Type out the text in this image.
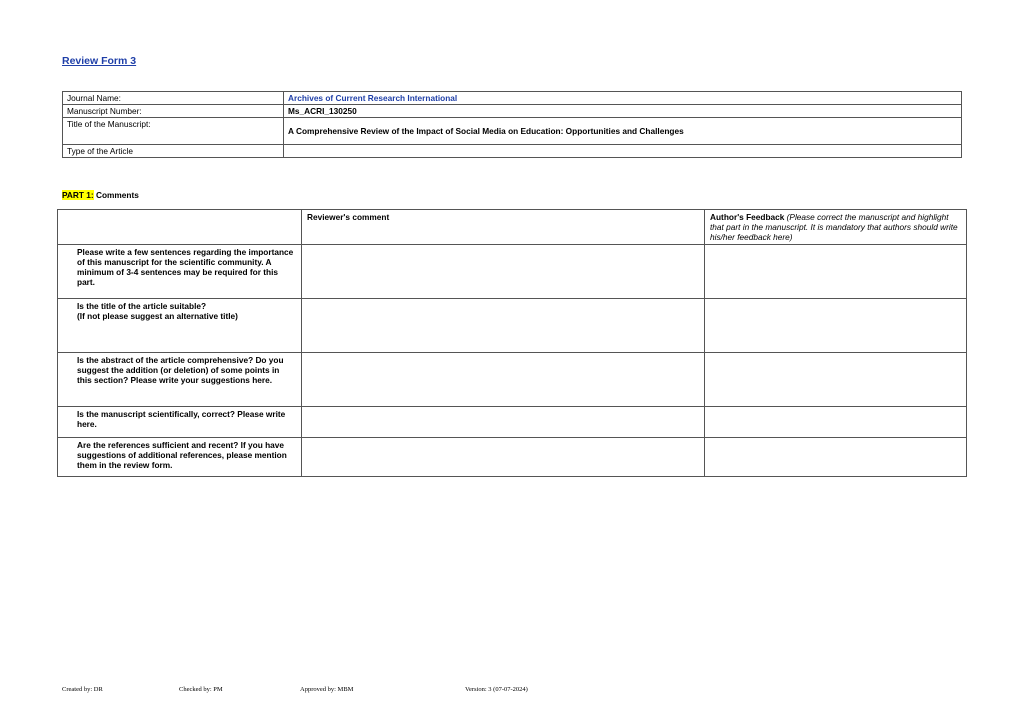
Review Form 3
Journal Name:	Archives of Current Research International
Manuscript Number:	Ms_ACRI_130250
Title of the Manuscript:	A Comprehensive Review of the Impact of Social Media on Education: Opportunities and Challenges
Type of the Article	
PART 1: Comments
	Reviewer's comment	Author's Feedback (Please correct the manuscript and highlight that part in the manuscript. It is mandatory that authors should write his/her feedback here)
Please write a few sentences regarding the importance of this manuscript for the scientific community. A minimum of 3-4 sentences may be required for this part.		
Is the title of the article suitable?
(If not please suggest an alternative title)		
Is the abstract of the article comprehensive? Do you suggest the addition (or deletion) of some points in this section? Please write your suggestions here.		
Is the manuscript scientifically, correct? Please write here.		
Are the references sufficient and recent? If you have suggestions of additional references, please mention them in the review form.		
Created by: DR	Checked by: PM	Approved by: MBM	Version: 3 (07-07-2024)
